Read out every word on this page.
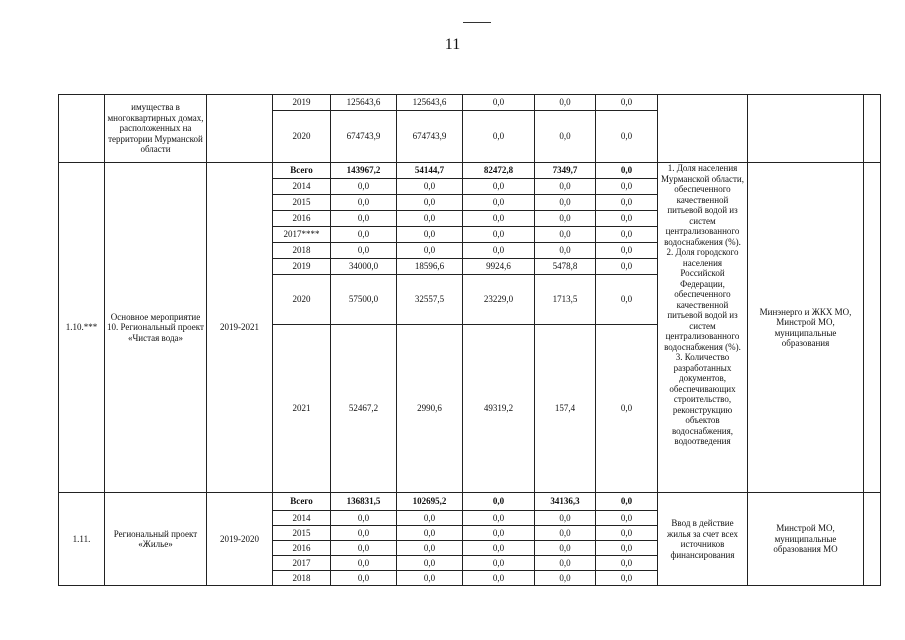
11
	имущества в многоквартирных домах, расположенных на территории Мурманской области		2019	125643,6	125643,6	0,0	0,0	0,0			
			2020	674743,9	674743,9	0,0	0,0	0,0			
1.10.***	Основное мероприятие 10. Региональный проект «Чистая вода»	2019-2021	Всего	143967,2	54144,7	82472,8	7349,7	0,0	1. Доля населения Мурманской области, обеспеченного качественной питьевой водой из систем централизованного водоснабжения (%). 2. Доля городского населения Российской Федерации, обеспеченного качественной питьевой водой из систем централизованного водоснабжения (%). 3. Количество разработанных документов, обеспечивающих строительство, реконструкцию объектов водоснабжения, водоотведения	Минэнерго и ЖКХ МО, Минстрой МО, муниципальные образования	
			2014	0,0	0,0	0,0	0,0	0,0			
			2015	0,0	0,0	0,0	0,0	0,0			
			2016	0,0	0,0	0,0	0,0	0,0			
			2017****	0,0	0,0	0,0	0,0	0,0			
			2018	0,0	0,0	0,0	0,0	0,0			
			2019	34000,0	18596,6	9924,6	5478,8	0,0			
			2020	57500,0	32557,5	23229,0	1713,5	0,0			
			2021	52467,2	2990,6	49319,2	157,4	0,0			
1.11.	Региональный проект «Жилье»	2019-2020	Всего	136831,5	102695,2	0,0	34136,3	0,0	Ввод в действие жилья за счет всех источников финансирования	Минстрой МО, муниципальные образования МО	
			2014	0,0	0,0	0,0	0,0	0,0			
			2015	0,0	0,0	0,0	0,0	0,0			
			2016	0,0	0,0	0,0	0,0	0,0			
			2017	0,0	0,0	0,0	0,0	0,0			
			2018	0,0	0,0	0,0	0,0	0,0			
